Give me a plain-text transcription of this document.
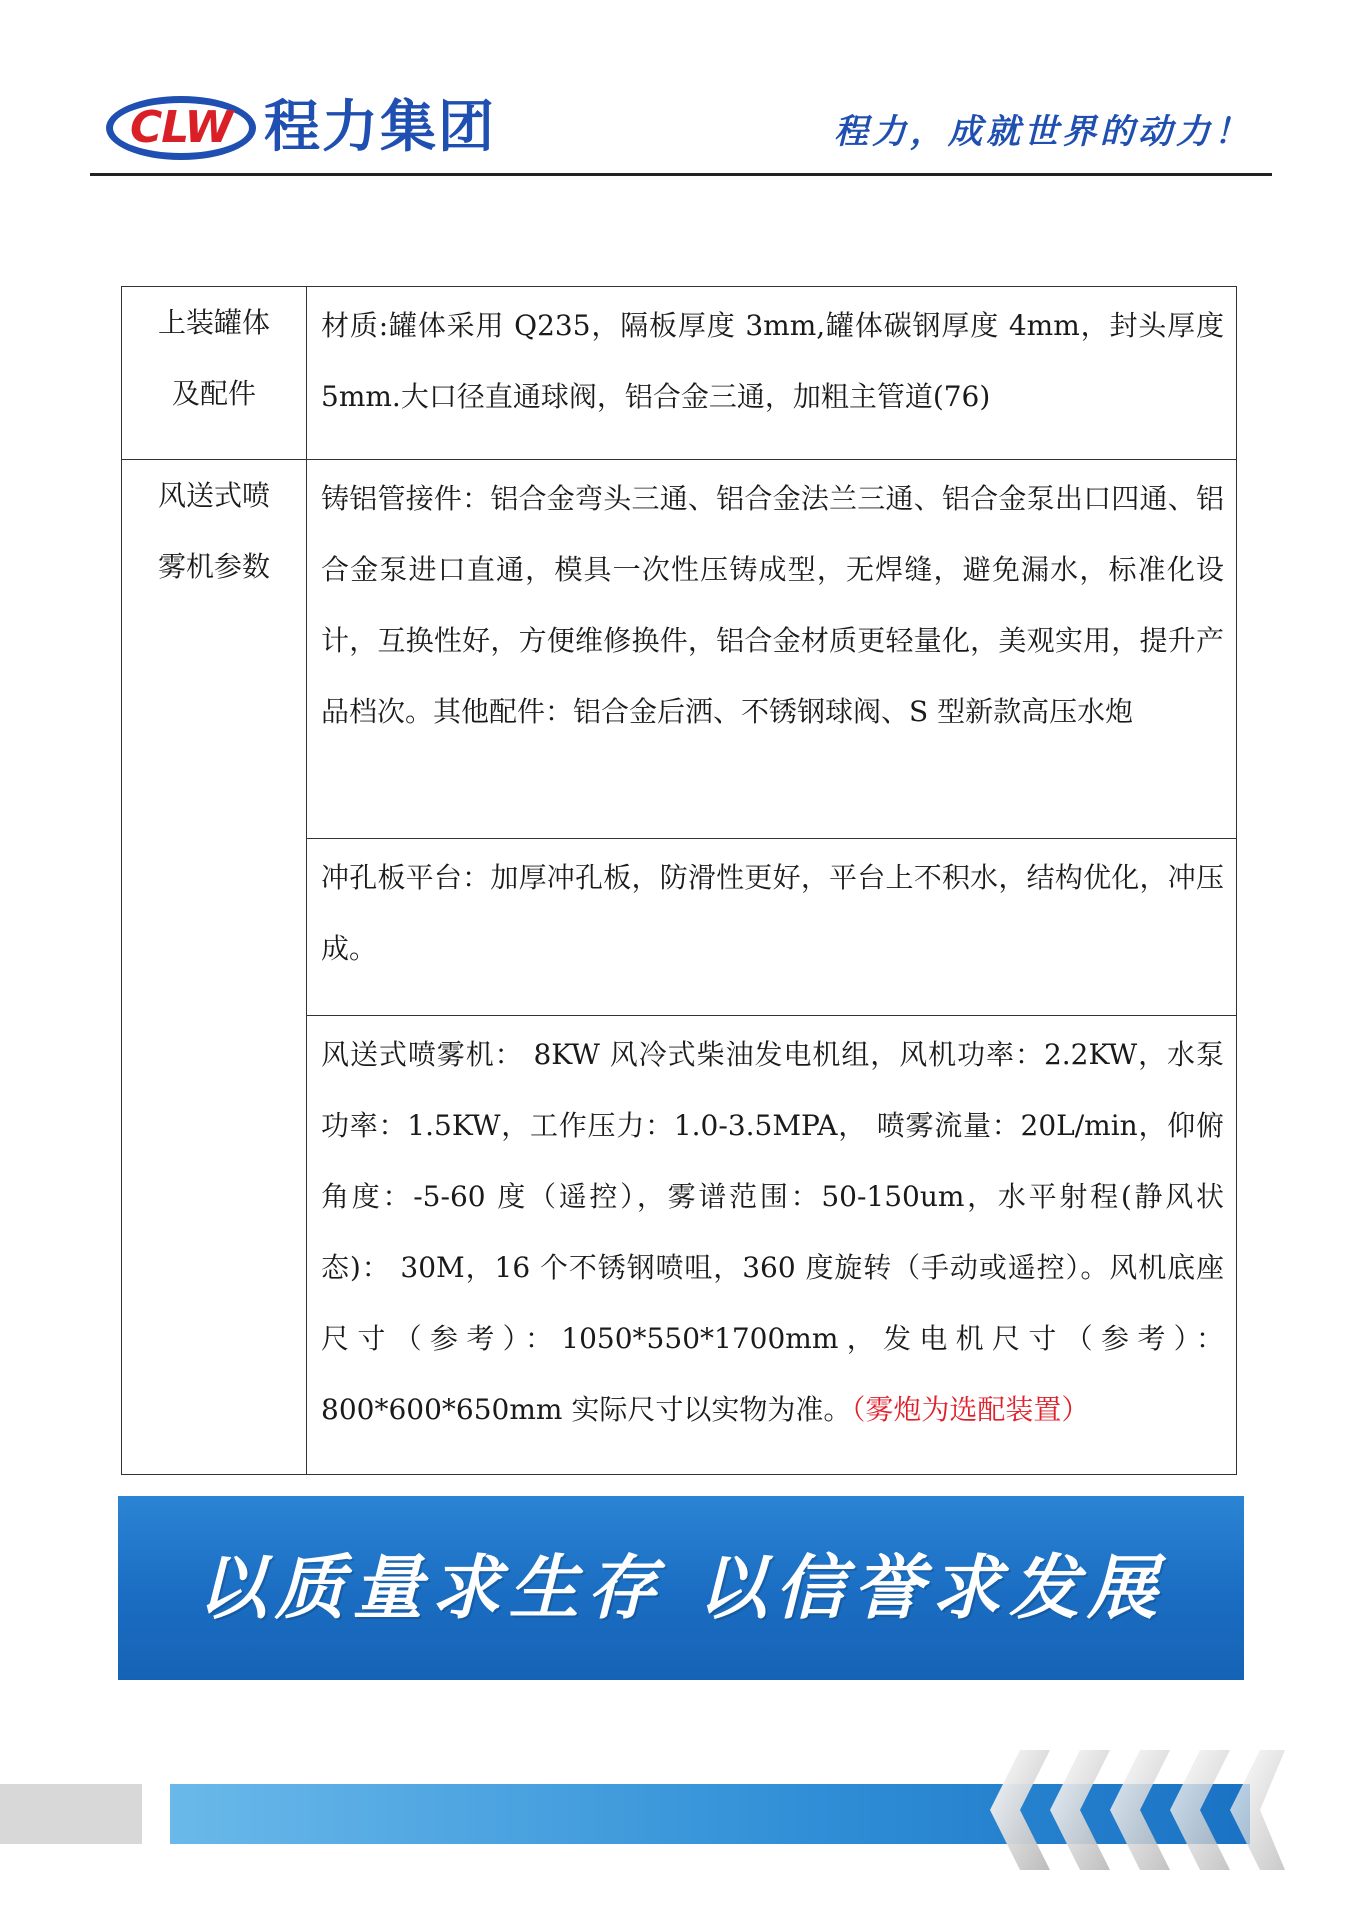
CLW 程力集团	程力，成就世界的动力！
上装罐体
及配件	材质:罐体采用 Q235，隔板厚度 3mm,罐体碳钢厚度 4mm，封头厚度 5mm.大口径直通球阀，铝合金三通，加粗主管道(76)

风送式喷
雾机参数	铸铝管接件：铝合金弯头三通、铝合金法兰三通、铝合金泵出口四通、铝合金泵进口直通，模具一次性压铸成型，无焊缝，避免漏水，标准化设计，互换性好，方便维修换件，铝合金材质更轻量化，美观实用，提升产品档次。其他配件：铝合金后洒、不锈钢球阀、S 型新款高压水炮
	冲孔板平台：加厚冲孔板，防滑性更好，平台上不积水，结构优化，冲压成。
	风送式喷雾机： 8KW 风冷式柴油发电机组，风机功率：2.2KW，水泵功率：1.5KW，工作压力：1.0-3.5MPA， 喷雾流量：20L/min，仰俯角度：-5-60 度（遥控），雾谱范围：50-150um，水平射程(静风状态)： 30M，16 个不锈钢喷咀，360 度旋转（手动或遥控）。风机底座尺寸（参考）：1050*550*1700mm，发电机尺寸（参考）：800*600*650mm 实际尺寸以实物为准。（雾炮为选配装置）
以质量求生存 以信誉求发展
